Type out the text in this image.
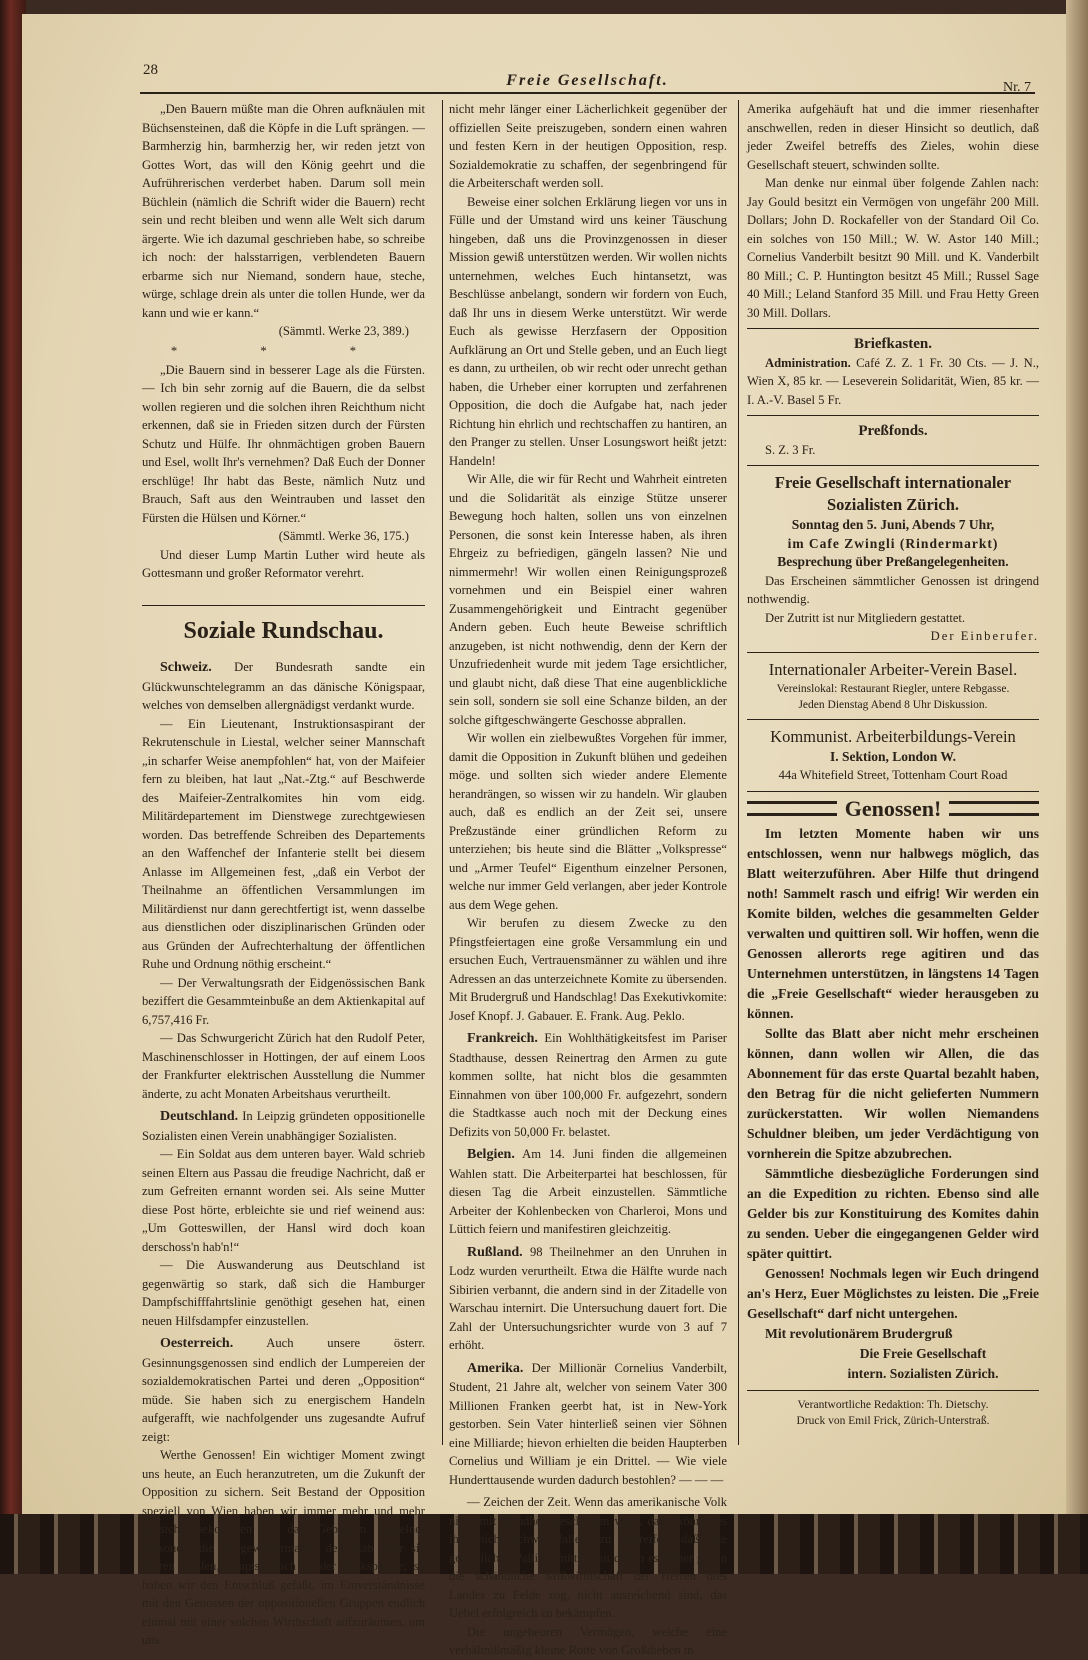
28
Freie Gesellschaft.	Nr. 7

„Den Bauern müßte man die Ohren aufknäulen mit Büchsensteinen, daß die Köpfe in die Luft sprängen. — Barmherzig hin, barmherzig her, wir reden jetzt von Gottes Wort, das will den König geehrt und die Aufrührerischen verderbet haben. Darum soll mein Büchlein (nämlich die Schrift wider die Bauern) recht sein und recht bleiben und wenn alle Welt sich darum ärgerte. Wie ich dazumal geschrieben habe, so schreibe ich noch: der halsstarrigen, verblendeten Bauern erbarme sich nur Niemand, sondern haue, steche, würge, schlage drein als unter die tollen Hunde, wer da kann und wie er kann.“

(Sämmtl. Werke 23, 389.)

* * *

„Die Bauern sind in besserer Lage als die Fürsten. — Ich bin sehr zornig auf die Bauern, die da selbst wollen regieren und die solchen ihren Reichthum nicht erkennen, daß sie in Frieden sitzen durch der Fürsten Schutz und Hülfe. Ihr ohnmächtigen groben Bauern und Esel, wollt Ihr's vernehmen? Daß Euch der Donner erschlüge! Ihr habt das Beste, nämlich Nutz und Brauch, Saft aus den Weintrauben und lasset den Fürsten die Hülsen und Körner.“

(Sämmtl. Werke 36, 175.)

Und dieser Lump Martin Luther wird heute als Gottesmann und großer Reformator verehrt.

Soziale Rundschau.

Schweiz. Der Bundesrath sandte ein Glückwunschtelegramm an das dänische Königspaar, welches von demselben allergnädigst verdankt wurde.

— Ein Lieutenant, Instruktionsaspirant der Rekrutenschule in Liestal, welcher seiner Mannschaft „in scharfer Weise anempfohlen“ hat, von der Maifeier fern zu bleiben, hat laut „Nat.-Ztg.“ auf Beschwerde des Maifeier-Zentralkomites hin vom eidg. Militärdepartement im Dienstwege zurechtgewiesen worden. Das betreffende Schreiben des Departements an den Waffenchef der Infanterie stellt bei diesem Anlasse im Allgemeinen fest, „daß ein Verbot der Theilnahme an öffentlichen Versammlungen im Militärdienst nur dann gerechtfertigt ist, wenn dasselbe aus dienstlichen oder disziplinarischen Gründen oder aus Gründen der Aufrechterhaltung der öffentlichen Ruhe und Ordnung nöthig erscheint.“

— Der Verwaltungsrath der Eidgenössischen Bank beziffert die Gesammteinbuße an dem Aktienkapital auf 6,757,416 Fr.

— Das Schwurgericht Zürich hat den Rudolf Peter, Maschinenschlosser in Hottingen, der auf einem Loos der Frankfurter elektrischen Ausstellung die Nummer änderte, zu acht Monaten Arbeitshaus verurtheilt.

Deutschland. In Leipzig gründeten oppositionelle Sozialisten einen Verein unabhängiger Sozialisten.

— Ein Soldat aus dem unteren bayer. Wald schrieb seinen Eltern aus Passau die freudige Nachricht, daß er zum Gefreiten ernannt worden sei. Als seine Mutter diese Post hörte, erbleichte sie und rief weinend aus: „Um Gotteswillen, der Hansl wird doch koan derschoss'n hab'n!“

— Die Auswanderung aus Deutschland ist gegenwärtig so stark, daß sich die Hamburger Dampfschifffahrtslinie genöthigt gesehen hat, einen neuen Hilfsdampfer einzustellen.

Oesterreich.	Auch unsere österr. Gesinnungsgenossen sind endlich der Lumpereien der sozialdemokratischen Partei und deren „Opposition“ müde. Sie haben sich zu energischem Handeln aufgerafft, wie nachfolgender uns zugesandte Aufruf zeigt:

Werthe Genossen! Ein wichtiger Moment zwingt uns heute, an Euch heranzutreten, um die Zukunft der Opposition zu sichern. Seit Bestand der Opposition speziell von Wien haben wir immer mehr und mehr Einsicht bekommen in das Gebahren einzelner Personen, die so gewissermaßen den Stab über sie führen wollen, hauptsächlich in der Volkspresse; so haben wir den Entschluß gefaßt, im Einverständnisse mit den Genossen der oppositionellen Gruppen endlich einmal mit einer solchen Wirthschaft aufzuräumen, um uns

nicht mehr länger einer Lächerlichkeit gegenüber der offiziellen Seite preiszugeben, sondern einen wahren und festen Kern in der heutigen Opposition, resp. Sozialdemokratie zu schaffen, der segenbringend für die Arbeiterschaft werden soll.

Beweise einer solchen Erklärung liegen vor uns in Fülle und der Umstand wird uns keiner Täuschung hingeben, daß uns die Provinzgenossen in dieser Mission gewiß unterstützen werden. Wir wollen nichts unternehmen, welches Euch hintansetzt, was Beschlüsse anbelangt, sondern wir fordern von Euch, daß Ihr uns in diesem Werke unterstützt. Wir werde Euch als gewisse Herzfasern der Opposition Aufklärung an Ort und Stelle geben, und an Euch liegt es dann, zu urtheilen, ob wir recht oder unrecht gethan haben, die Urheber einer korrupten und zerfahrenen Opposition, die doch die Aufgabe hat, nach jeder Richtung hin ehrlich und rechtschaffen zu hantiren, an den Pranger zu stellen. Unser Losungswort heißt jetzt: Handeln!

Wir Alle, die wir für Recht und Wahrheit eintreten und die Solidarität als einzige Stütze unserer Bewegung hoch halten, sollen uns von einzelnen Personen, die sonst kein Interesse haben, als ihren Ehrgeiz zu befriedigen, gängeln lassen? Nie und nimmermehr! Wir wollen einen Reinigungsprozeß vornehmen und ein Beispiel einer wahren Zusammengehörigkeit und Eintracht gegenüber Andern geben. Euch heute Beweise schriftlich anzugeben, ist nicht nothwendig, denn der Kern der Unzufriedenheit wurde mit jedem Tage ersichtlicher, und glaubt nicht, daß diese That eine augenblickliche sein soll, sondern sie soll eine Schanze bilden, an der solche giftgeschwängerte Geschosse abprallen.

Wir wollen ein zielbewußtes Vorgehen für immer, damit die Opposition in Zukunft blühen und gedeihen möge. und sollten sich wieder andere Elemente herandrängen, so wissen wir zu handeln. Wir glauben auch, daß es endlich an der Zeit sei, unsere Preßzustände einer gründlichen Reform zu unterziehen; bis heute sind die Blätter „Volkspresse“ und „Armer Teufel“ Eigenthum einzelner Personen, welche nur immer Geld verlangen, aber jeder Kontrole aus dem Wege gehen.

Wir berufen zu diesem Zwecke zu den Pfingstfeiertagen eine große Versammlung ein und ersuchen Euch, Vertrauensmänner zu wählen und ihre Adressen an das unterzeichnete Komite zu übersenden. Mit Brudergruß und Handschlag! Das Exekutivkomite: Josef Knopf. J. Gabauer. E. Frank. Aug. Peklo.

Frankreich. Ein Wohlthätigkeitsfest im Pariser Stadthause, dessen Reinertrag den Armen zu gute kommen sollte, hat nicht blos die gesammten Einnahmen von über 100,000 Fr. aufgezehrt, sondern die Stadtkasse auch noch mit der Deckung eines Defizits von 50,000 Fr. belastet.

Belgien. Am 14. Juni finden die allgemeinen Wahlen statt. Die Arbeiterpartei hat beschlossen, für diesen Tag die Arbeit einzustellen. Sämmtliche Arbeiter der Kohlenbecken von Charleroi, Mons und Lüttich feiern und manifestiren gleichzeitig.

Rußland. 98 Theilnehmer an den Unruhen in Lodz wurden verurtheilt. Etwa die Hälfte wurde nach Sibirien verbannt, die andern sind in der Zitadelle von Warschau internirt. Die Untersuchung dauert fort. Die Zahl der Untersuchungsrichter wurde von 3 auf 7 erhöht.

Amerika. Der Millionär Cornelius Vanderbilt, Student, 21 Jahre alt, welcher von seinem Vater 300 Millionen Franken geerbt hat, ist in New-York gestorben. Sein Vater hinterließ seinen vier Söhnen eine Milliarde; hievon erhielten die beiden Haupterben Cornelius und William je ein Drittel. — Wie viele Hunderttausende wurden dadurch bestohlen? — — —

— Zeichen der Zeit. Wenn das amerikanische Volk nicht mit Blindheit geschlagen wäre, dann könnte es ihm nicht schwer fallen, zu begreifen, daß alle gesetzlichen Palliativmittel, mit denen es bisher gegen die schändliche Mißwirthschaft der Herren dies Landes zu Felde zog, nicht ausreichend sind, das Uebel erfolgreich zu bekämpfen.

Die ungeheuren Vermögen, welche eine verhältnißmäßig kleine Rotte von Großdieben in

Amerika aufgehäuft hat und die immer riesenhafter anschwellen, reden in dieser Hinsicht so deutlich, daß jeder Zweifel betreffs des Zieles, wohin diese Gesellschaft steuert, schwinden sollte.

Man denke nur einmal über folgende Zahlen nach: Jay Gould besitzt ein Vermögen von ungefähr 200 Mill. Dollars; John D. Rockafeller von der Standard Oil Co. ein solches von 150 Mill.; W. W. Astor 140 Mill.; Cornelius Vanderbilt besitzt 90 Mill. und K. Vanderbilt 80 Mill.; C. P. Huntington besitzt 45 Mill.; Russel Sage 40 Mill.; Leland Stanford 35 Mill. und Frau Hetty Green 30 Mill. Dollars.

Briefkasten.

Administration. Café Z. Z. 1 Fr. 30 Cts. — J. N., Wien X, 85 kr. — Leseverein Solidarität, Wien, 85 kr. — I. A.-V. Basel 5 Fr.

Preßfonds.

S. Z. 3 Fr.

Freie Gesellschaft internationaler Sozialisten Zürich.
Sonntag den 5. Juni, Abends 7 Uhr,
im Cafe Zwingli (Rindermarkt)
Besprechung über Preßangelegenheiten.

Das Erscheinen sämmtlicher Genossen ist dringend nothwendig.

Der Zutritt ist nur Mitgliedern gestattet.

Der Einberufer.

Internationaler Arbeiter-Verein Basel.
Vereinslokal: Restaurant Riegler, untere Rebgasse.
Jeden Dienstag Abend 8 Uhr Diskussion.
Kommunist. Arbeiterbildungs-Verein
I. Sektion, London W.
44a Whitefield Street, Tottenham Court Road
Genossen!

Im letzten Momente haben wir uns entschlossen, wenn nur halbwegs möglich, das Blatt weiterzuführen. Aber Hilfe thut dringend noth! Sammelt rasch und eifrig! Wir werden ein Komite bilden, welches die gesammelten Gelder verwalten und quittiren soll. Wir hoffen, wenn die Genossen allerorts rege agitiren und das Unternehmen unterstützen, in längstens 14 Tagen die „Freie Gesellschaft“ wieder herausgeben zu können.

Sollte das Blatt aber nicht mehr erscheinen können, dann wollen wir Allen, die das Abonnement für das erste Quartal bezahlt haben, den Betrag für die nicht gelieferten Nummern zurückerstatten. Wir wollen Niemandens Schuldner bleiben, um jeder Verdächtigung von vornherein die Spitze abzubrechen.

Sämmtliche diesbezügliche Forderungen sind an die Expedition zu richten. Ebenso sind alle Gelder bis zur Konstituirung des Komites dahin zu senden. Ueber die eingegangenen Gelder wird später quittirt.

Genossen! Nochmals legen wir Euch dringend an's Herz, Euer Möglichstes zu leisten. Die „Freie Gesellschaft“ darf nicht untergehen.

Mit revolutionärem Brudergruß

Die Freie Gesellschaft

intern. Sozialisten Zürich.

Verantwortliche Redaktion: Th. Dietschy.
Druck von Emil Frick, Zürich-Unterstraß.
